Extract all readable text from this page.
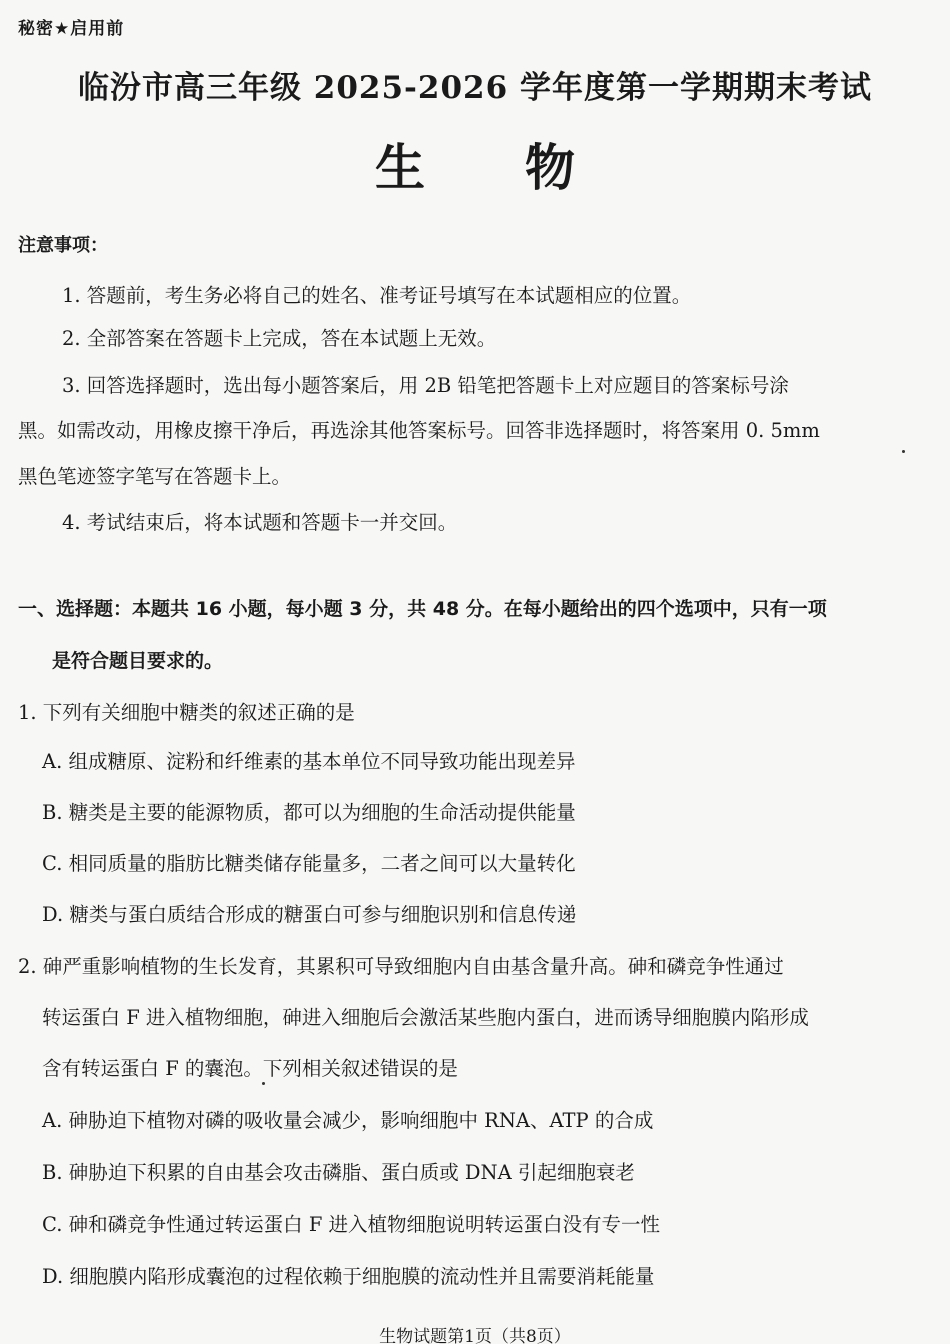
秘密★启用前
临汾市高三年级 2025-2026 学年度第一学期期末考试
生 物
注意事项：
1. 答题前，考生务必将自己的姓名、准考证号填写在本试题相应的位置。
2. 全部答案在答题卡上完成，答在本试题上无效。
3. 回答选择题时，选出每小题答案后，用 2B 铅笔把答题卡上对应题目的答案标号涂
黑。如需改动，用橡皮擦干净后，再选涂其他答案标号。回答非选择题时，将答案用 0. 5mm
黑色笔迹签字笔写在答题卡上。
4. 考试结束后，将本试题和答题卡一并交回。
一、选择题：本题共 16 小题，每小题 3 分，共 48 分。在每小题给出的四个选项中，只有一项
是符合题目要求的。
1. 下列有关细胞中糖类的叙述正确的是
A. 组成糖原、淀粉和纤维素的基本单位不同导致功能出现差异
B. 糖类是主要的能源物质，都可以为细胞的生命活动提供能量
C. 相同质量的脂肪比糖类储存能量多，二者之间可以大量转化
D. 糖类与蛋白质结合形成的糖蛋白可参与细胞识别和信息传递
2. 砷严重影响植物的生长发育，其累积可导致细胞内自由基含量升高。砷和磷竞争性通过
转运蛋白 F 进入植物细胞，砷进入细胞后会激活某些胞内蛋白，进而诱导细胞膜内陷形成
含有转运蛋白 F 的囊泡。下列相关叙述错误的是
A. 砷胁迫下植物对磷的吸收量会减少，影响细胞中 RNA、ATP 的合成
B. 砷胁迫下积累的自由基会攻击磷脂、蛋白质或 DNA 引起细胞衰老
C. 砷和磷竞争性通过转运蛋白 F 进入植物细胞说明转运蛋白没有专一性
D. 细胞膜内陷形成囊泡的过程依赖于细胞膜的流动性并且需要消耗能量
生物试题第1页（共8页）
